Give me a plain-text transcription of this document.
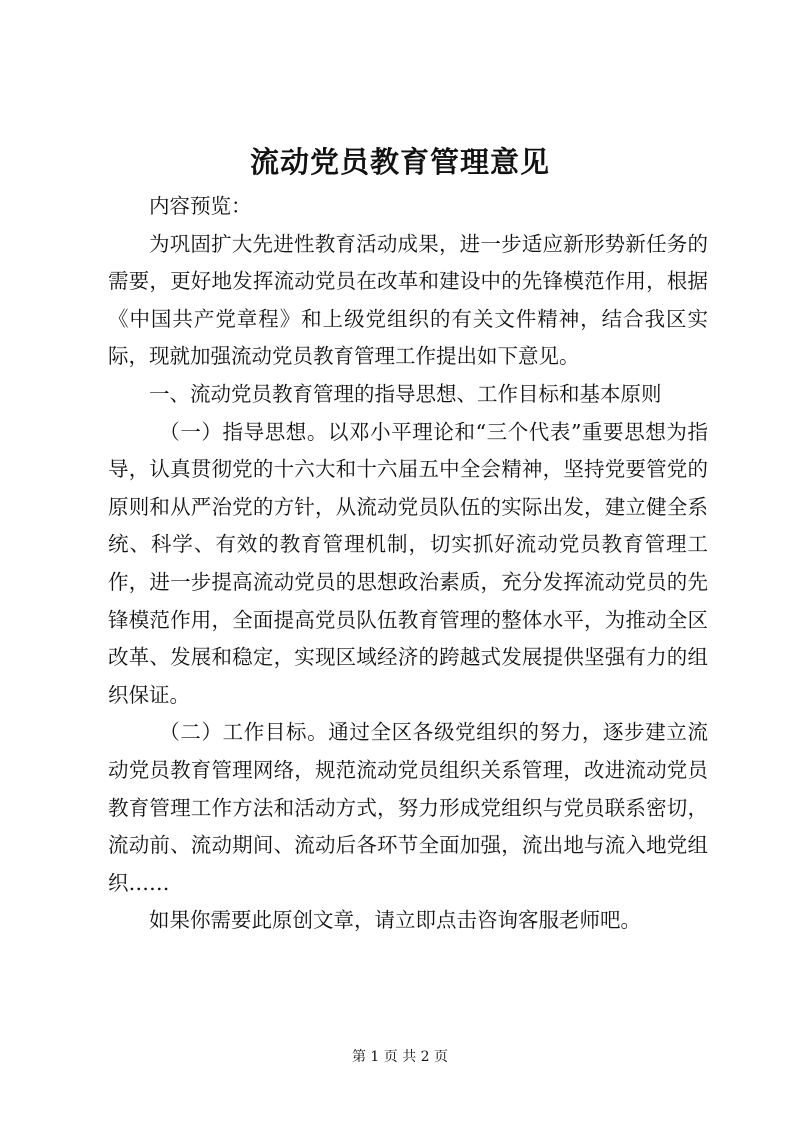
流动党员教育管理意见

内容预览：

为巩固扩大先进性教育活动成果，进一步适应新形势新任务的需要，更好地发挥流动党员在改革和建设中的先锋模范作用，根据《中国共产党章程》和上级党组织的有关文件精神，结合我区实际，现就加强流动党员教育管理工作提出如下意见。

一、流动党员教育管理的指导思想、工作目标和基本原则

（一）指导思想。以邓小平理论和“三个代表”重要思想为指导，认真贯彻党的十六大和十六届五中全会精神，坚持党要管党的原则和从严治党的方针，从流动党员队伍的实际出发，建立健全系统、科学、有效的教育管理机制，切实抓好流动党员教育管理工作，进一步提高流动党员的思想政治素质，充分发挥流动党员的先锋模范作用，全面提高党员队伍教育管理的整体水平，为推动全区改革、发展和稳定，实现区域经济的跨越式发展提供坚强有力的组织保证。

（二）工作目标。通过全区各级党组织的努力，逐步建立流动党员教育管理网络，规范流动党员组织关系管理，改进流动党员教育管理工作方法和活动方式，努力形成党组织与党员联系密切，流动前、流动期间、流动后各环节全面加强，流出地与流入地党组织……

如果你需要此原创文章，请立即点击咨询客服老师吧。

第 1 页 共 2 页
